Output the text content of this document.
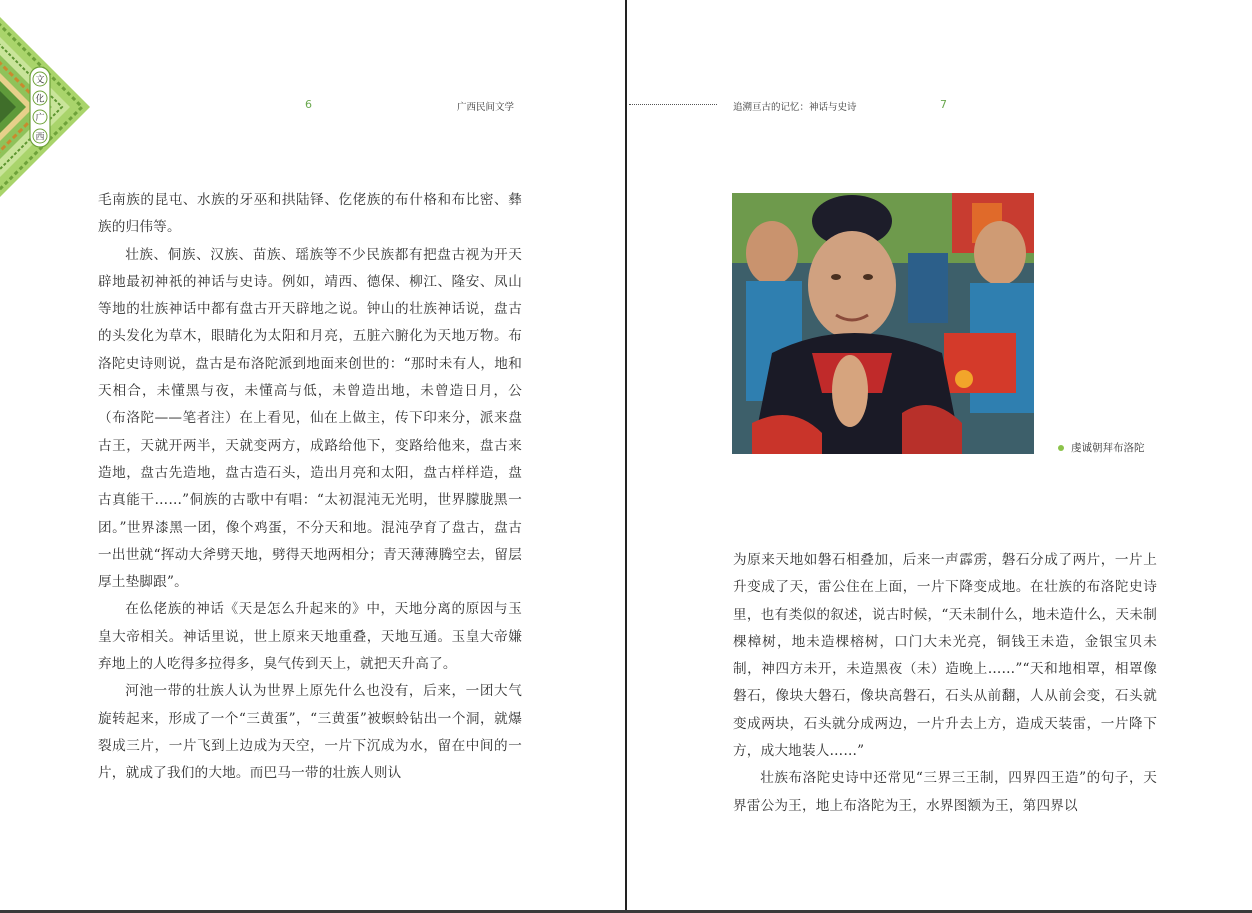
文
化
广
西
6	广西民间文学

毛南族的昆屯、水族的牙巫和拱陆铎、仡佬族的布什格和布比密、彝族的归伟等。

壮族、侗族、汉族、苗族、瑶族等不少民族都有把盘古视为开天辟地最初神祇的神话与史诗。例如，靖西、德保、柳江、隆安、凤山等地的壮族神话中都有盘古开天辟地之说。钟山的壮族神话说，盘古的头发化为草木，眼睛化为太阳和月亮，五脏六腑化为天地万物。布洛陀史诗则说，盘古是布洛陀派到地面来创世的：“那时未有人，地和天相合，未懂黑与夜，未懂高与低，未曾造出地，未曾造日月，公（布洛陀——笔者注）在上看见，仙在上做主，传下印来分，派来盘古王，天就开两半，天就变两方，成路给他下，变路给他来，盘古来造地，盘古先造地，盘古造石头，造出月亮和太阳，盘古样样造，盘古真能干……”侗族的古歌中有唱：“太初混沌无光明，世界朦胧黑一团。”世界漆黑一团，像个鸡蛋，不分天和地。混沌孕育了盘古，盘古一出世就“挥动大斧劈天地，劈得天地两相分；青天薄薄腾空去，留层厚土垫脚跟”。

在仫佬族的神话《天是怎么升起来的》中，天地分离的原因与玉皇大帝相关。神话里说，世上原来天地重叠，天地互通。玉皇大帝嫌弃地上的人吃得多拉得多，臭气传到天上，就把天升高了。

河池一带的壮族人认为世界上原先什么也没有，后来，一团大气旋转起来，形成了一个“三黄蛋”，“三黄蛋”被螟蛉钻出一个洞，就爆裂成三片，一片飞到上边成为天空，一片下沉成为水，留在中间的一片，就成了我们的大地。而巴马一带的壮族人则认

追溯亘古的记忆：神话与史诗	7
虔诚朝拜布洛陀

为原来天地如磐石相叠加，后来一声霹雳，磐石分成了两片，一片上升变成了天，雷公住在上面，一片下降变成地。在壮族的布洛陀史诗里，也有类似的叙述，说古时候，“天未制什么，地未造什么，天未制棵樟树，地未造棵榕树，口门大未光亮，铜钱王未造，金银宝贝未制，神四方未开，未造黑夜（未）造晚上……”“天和地相罩，相罩像磐石，像块大磐石，像块高磐石，石头从前翻，人从前会变，石头就变成两块，石头就分成两边，一片升去上方，造成天装雷，一片降下方，成大地装人……”

壮族布洛陀史诗中还常见“三界三王制，四界四王造”的句子，天界雷公为王，地上布洛陀为王，水界图额为王，第四界以
